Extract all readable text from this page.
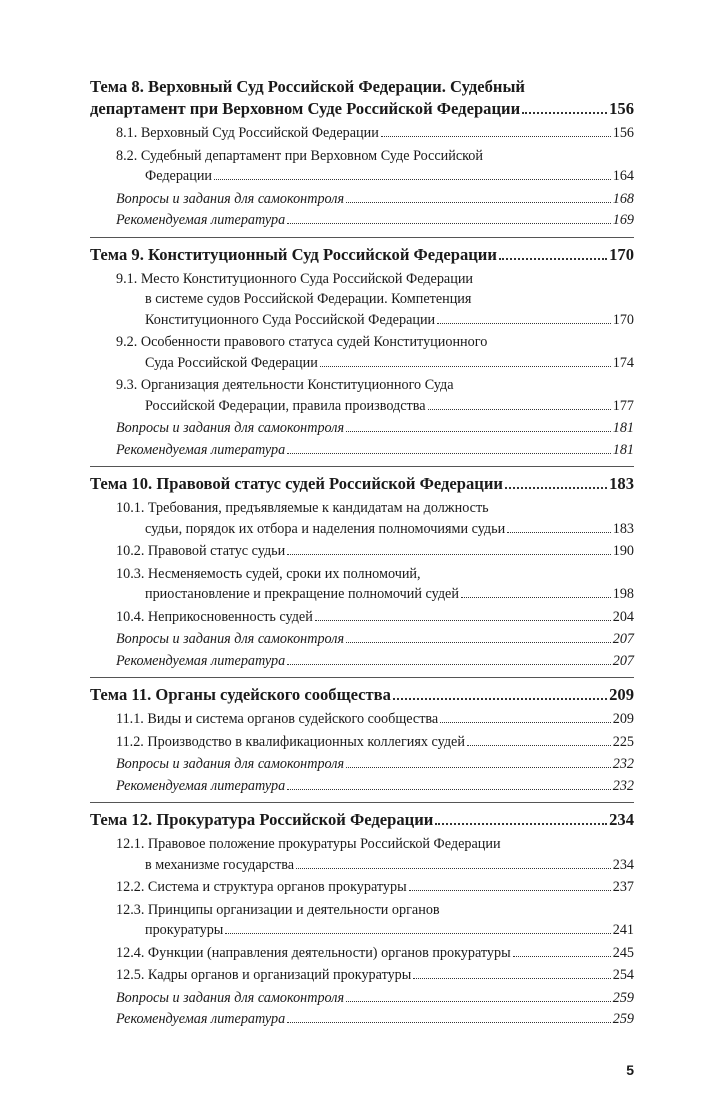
Тема 8. Верховный Суд Российской Федерации. Судебный
департамент при Верховном Суде Российской Федерации	156
8.1. Верховный Суд Российской Федерации	156
8.2. Судебный департамент при Верховном Суде Российской
Федерации	164
Вопросы и задания для самоконтроля	168
Рекомендуемая литература	169
Тема 9. Конституционный Суд Российской Федерации	170
9.1. Место Конституционного Суда Российской Федерации
в системе судов Российской Федерации. Компетенция
Конституционного Суда Российской Федерации	170
9.2. Особенности правового статуса судей Конституционного
Суда Российской Федерации	174
9.3. Организация деятельности Конституционного Суда
Российской Федерации, правила производства	177
Вопросы и задания для самоконтроля	181
Рекомендуемая литература	181
Тема 10. Правовой статус судей Российской Федерации	183
10.1. Требования, предъявляемые к кандидатам на должность
судьи, порядок их отбора и наделения полномочиями судьи	183
10.2. Правовой статус судьи	190
10.3. Несменяемость судей, сроки их полномочий,
приостановление и прекращение полномочий судей	198
10.4. Неприкосновенность судей	204
Вопросы и задания для самоконтроля	207
Рекомендуемая литература	207
Тема 11. Органы судейского сообщества	209
11.1. Виды и система органов судейского сообщества	209
11.2. Производство в квалификационных коллегиях судей	225
Вопросы и задания для самоконтроля	232
Рекомендуемая литература	232
Тема 12. Прокуратура Российской Федерации	234
12.1. Правовое положение прокуратуры Российской Федерации
в механизме государства	234
12.2. Система и структура органов прокуратуры	237
12.3. Принципы организации и деятельности органов
прокуратуры	241
12.4. Функции (направления деятельности) органов прокуратуры	245
12.5. Кадры органов и организаций прокуратуры	254
Вопросы и задания для самоконтроля	259
Рекомендуемая литература	259
5
